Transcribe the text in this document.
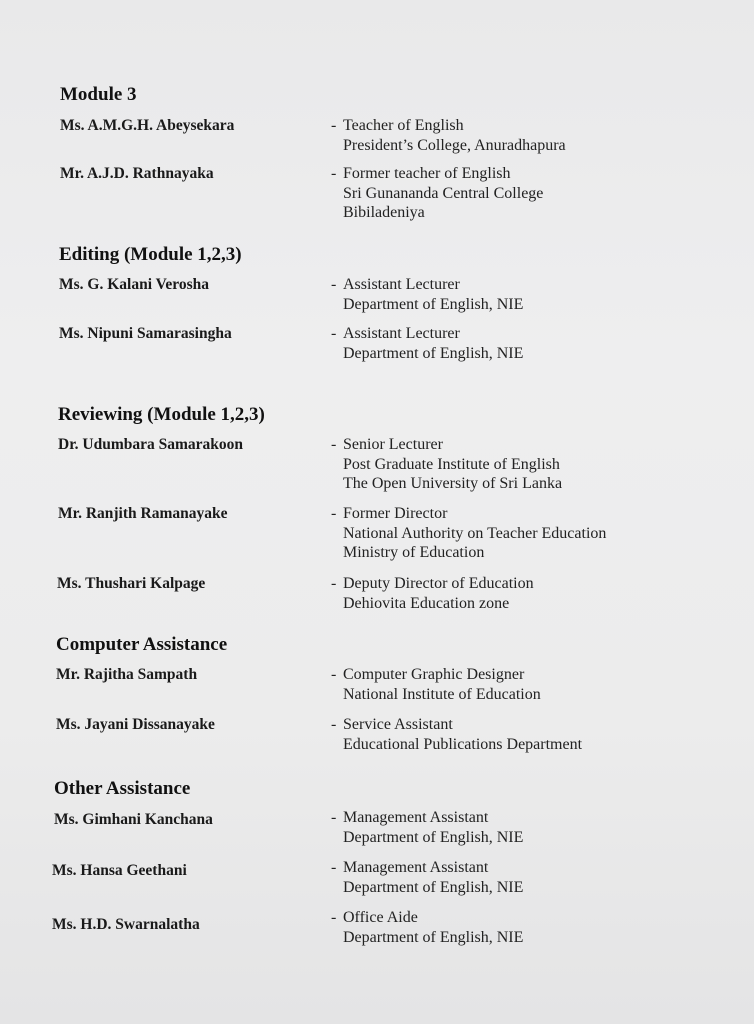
Module 3
Ms. A.M.G.H. Abeysekara	- Teacher of English
President’s College, Anuradhapura
Mr. A.J.D. Rathnayaka	- Former teacher of English
Sri Gunananda Central College
Bibiladeniya
Editing (Module 1,2,3)
Ms. G. Kalani Verosha	- Assistant Lecturer
Department of English, NIE
Ms. Nipuni Samarasingha	- Assistant Lecturer
Department of English, NIE
Reviewing (Module 1,2,3)
Dr. Udumbara Samarakoon	- Senior Lecturer
Post Graduate Institute of English
The Open University of Sri Lanka
Mr. Ranjith Ramanayake	- Former Director
National Authority on Teacher Education
Ministry of Education
Ms. Thushari Kalpage	- Deputy Director of Education
Dehiovita Education zone
Computer Assistance
Mr. Rajitha Sampath	- Computer Graphic Designer
National Institute of Education
Ms. Jayani Dissanayake	- Service Assistant
Educational Publications Department
Other Assistance
Ms. Gimhani Kanchana	- Management Assistant
Department of English, NIE
Ms. Hansa Geethani	- Management Assistant
Department of English, NIE
Ms. H.D. Swarnalatha	- Office Aide
Department of English, NIE
